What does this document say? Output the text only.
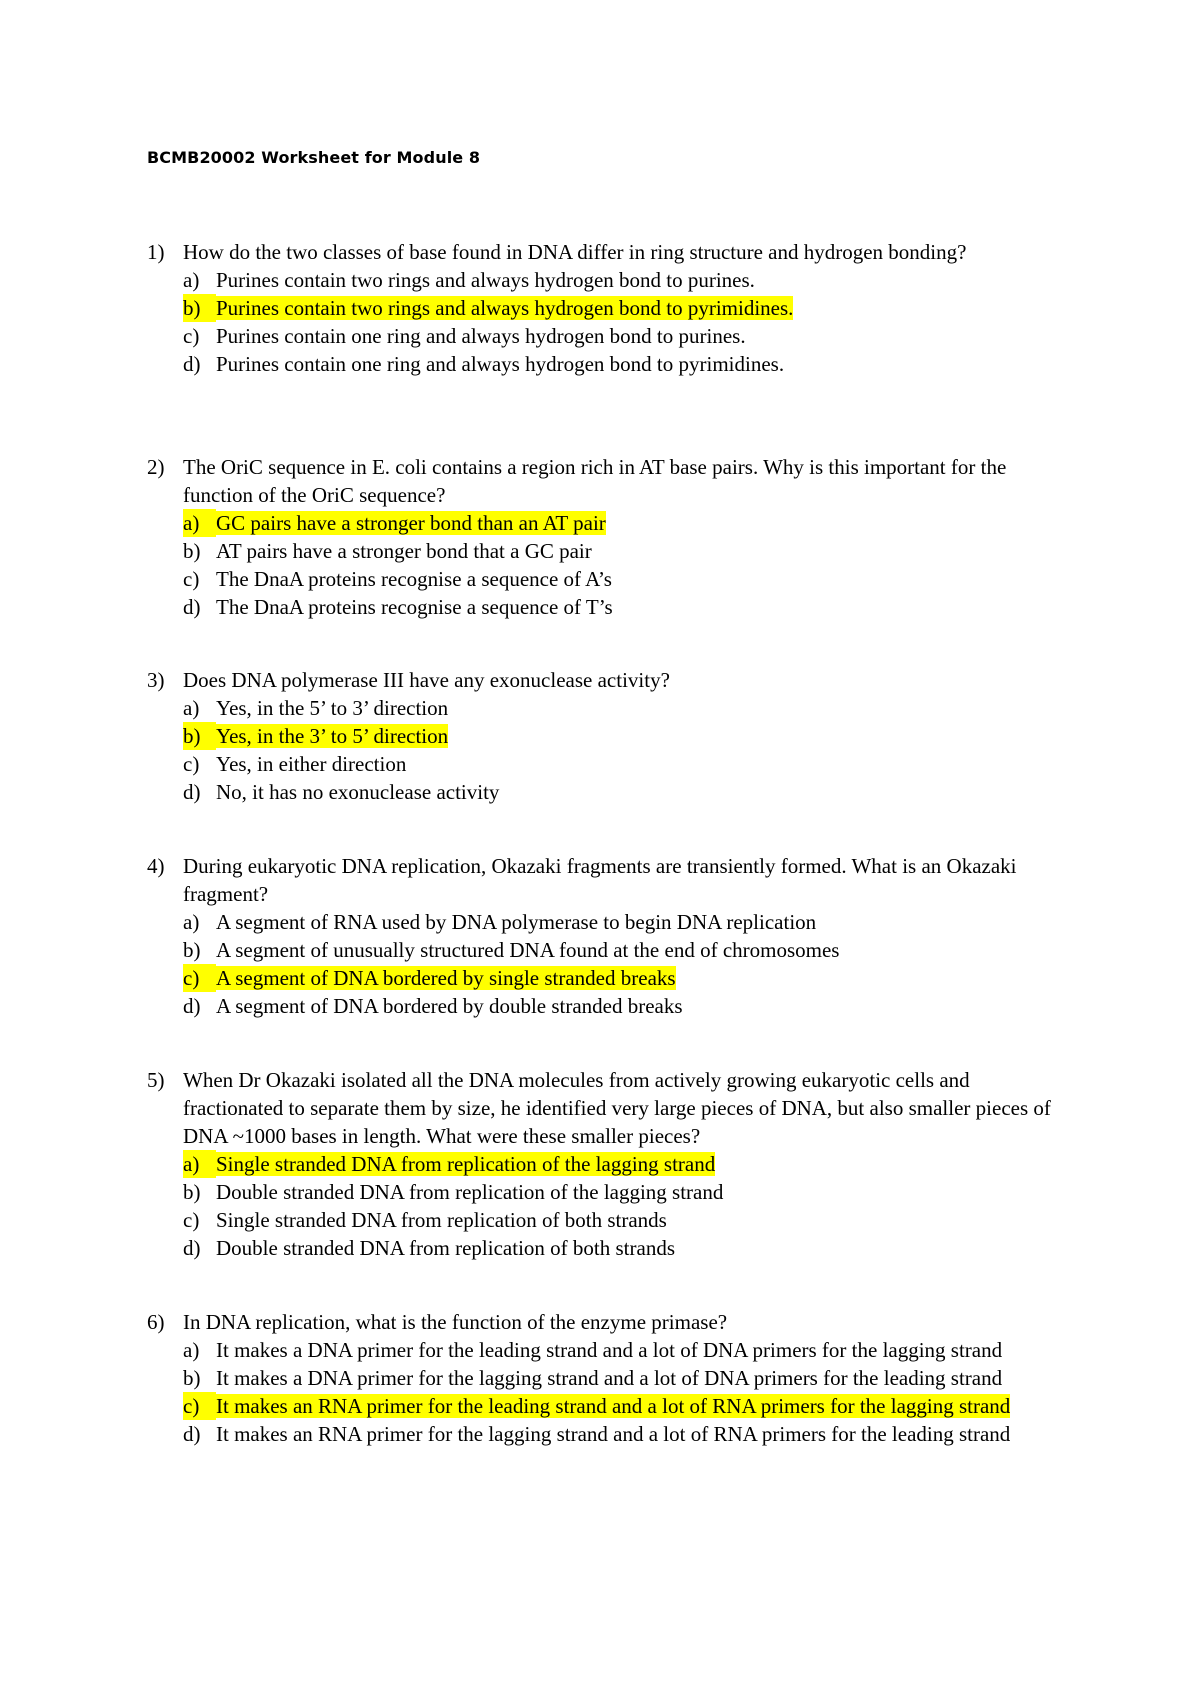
BCMB20002 Worksheet for Module 8
1) How do the two classes of base found in DNA differ in ring structure and hydrogen bonding?
a) Purines contain two rings and always hydrogen bond to purines.
b) Purines contain two rings and always hydrogen bond to pyrimidines.
c) Purines contain one ring and always hydrogen bond to purines.
d) Purines contain one ring and always hydrogen bond to pyrimidines.
2) The OriC sequence in E. coli contains a region rich in AT base pairs. Why is this important for the function of the OriC sequence?
a) GC pairs have a stronger bond than an AT pair
b) AT pairs have a stronger bond that a GC pair
c) The DnaA proteins recognise a sequence of A’s
d) The DnaA proteins recognise a sequence of T’s
3) Does DNA polymerase III have any exonuclease activity?
a) Yes, in the 5’ to 3’ direction
b) Yes, in the 3’ to 5’ direction
c) Yes, in either direction
d) No, it has no exonuclease activity
4) During eukaryotic DNA replication, Okazaki fragments are transiently formed. What is an Okazaki fragment?
a) A segment of RNA used by DNA polymerase to begin DNA replication
b) A segment of unusually structured DNA found at the end of chromosomes
c) A segment of DNA bordered by single stranded breaks
d) A segment of DNA bordered by double stranded breaks
5) When Dr Okazaki isolated all the DNA molecules from actively growing eukaryotic cells and fractionated to separate them by size, he identified very large pieces of DNA, but also smaller pieces of DNA ~1000 bases in length. What were these smaller pieces?
a) Single stranded DNA from replication of the lagging strand
b) Double stranded DNA from replication of the lagging strand
c) Single stranded DNA from replication of both strands
d) Double stranded DNA from replication of both strands
6) In DNA replication, what is the function of the enzyme primase?
a) It makes a DNA primer for the leading strand and a lot of DNA primers for the lagging strand
b) It makes a DNA primer for the lagging strand and a lot of DNA primers for the leading strand
c) It makes an RNA primer for the leading strand and a lot of RNA primers for the lagging strand
d) It makes an RNA primer for the lagging strand and a lot of RNA primers for the leading strand
